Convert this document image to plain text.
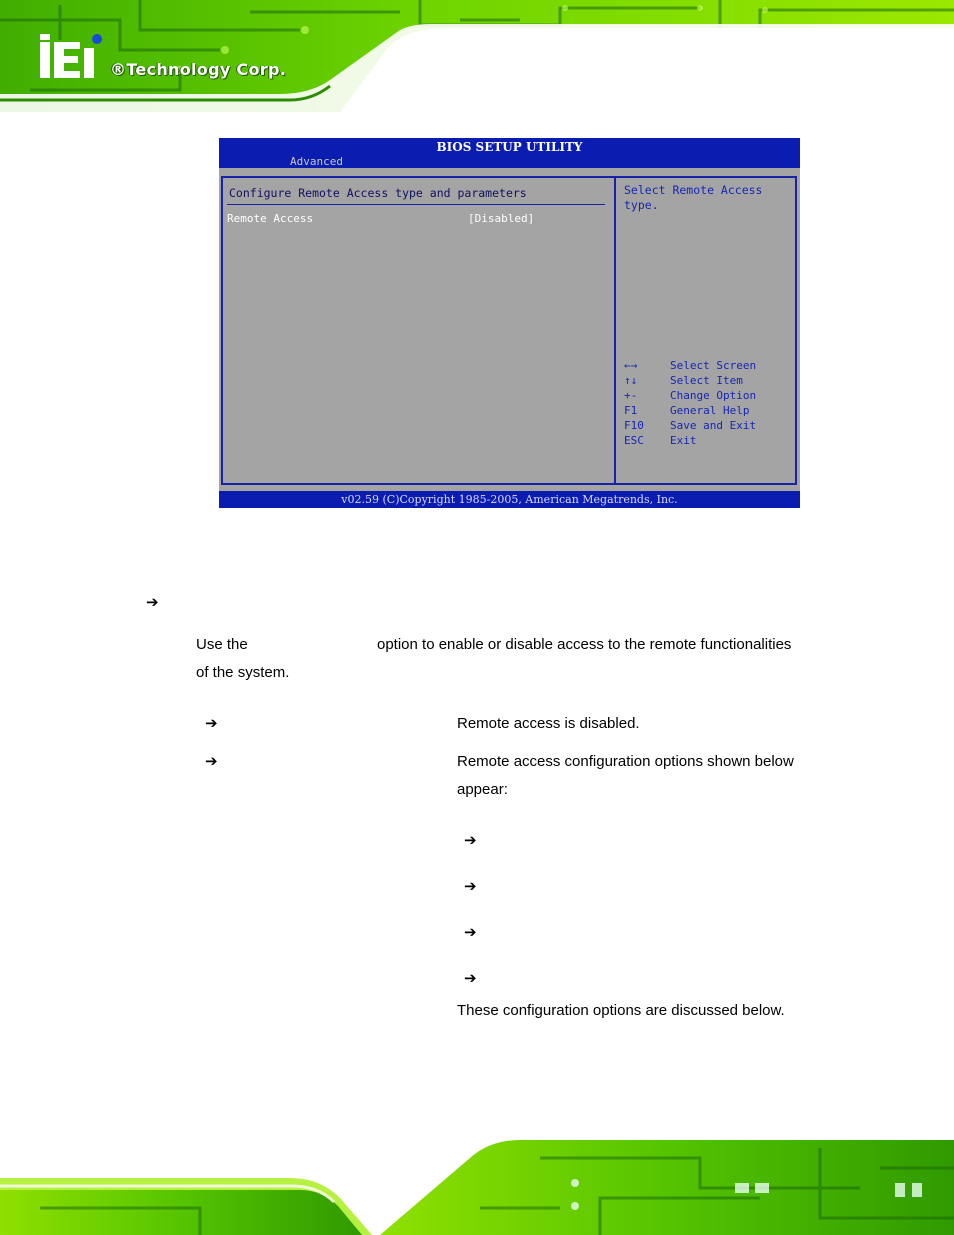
®Technology Corp.
BIOS SETUP UTILITY
Advanced
Configure Remote Access type and parameters
Remote Access	[Disabled]
Select Remote Access
type.
←→	Select Screen
↑↓	Select Item
+-	Change Option
F1	General Help
F10 Save and Exit
ESC Exit
v02.59 (C)Copyright 1985-2005, American Megatrends, Inc.
➔
Use the	option to enable or disable access to the remote functionalities
of the system.
➔	Remote access is disabled.
➔	Remote access configuration options shown below
appear:
➔
➔
➔
➔
These configuration options are discussed below.
